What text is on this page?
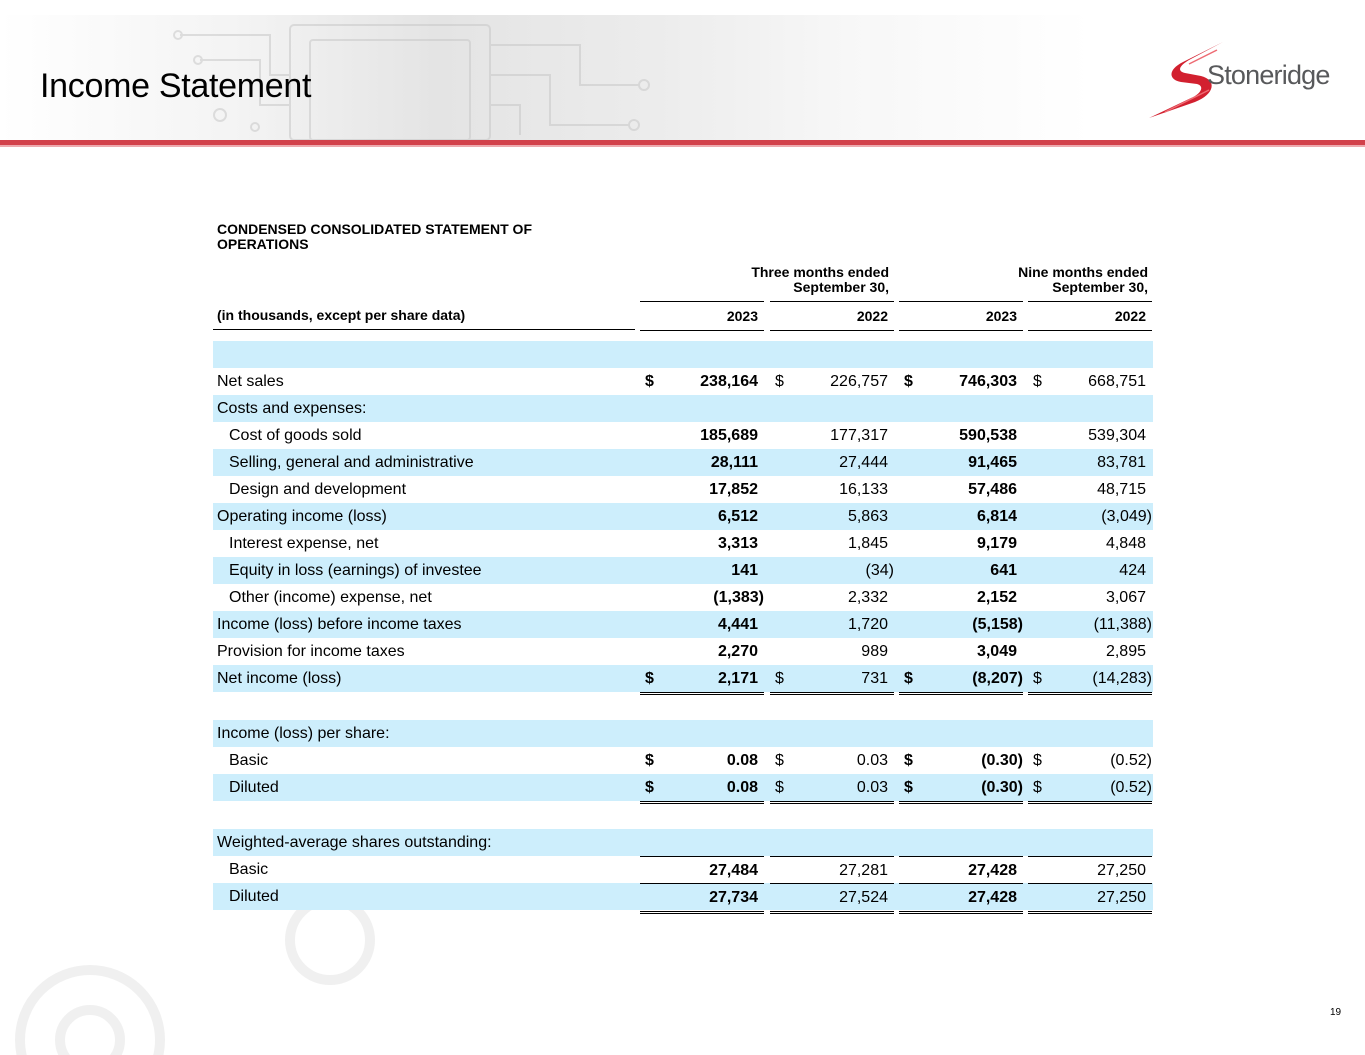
Income Statement	Stoneridge
CONDENSED CONSOLIDATED STATEMENT OF OPERATIONS
Three months ended
September 30,
Nine months ended
September 30,
(in thousands, except per share data)	2023	2022	2023	2022
Net sales	$	238,164 $	226,757 $	746,303 $	668,751
Costs and expenses:
Cost of goods sold	185,689	177,317	590,538	539,304
Selling, general and administrative	28,111	27,444	91,465	83,781
Design and development	17,852	16,133	57,486	48,715
Operating income (loss)	6,512	5,863	6,814	(3,049)
Interest expense, net	3,313	1,845	9,179	4,848
Equity in loss (earnings) of investee	141	(34)	641	424
Other (income) expense, net	(1,383)	2,332	2,152	3,067
Income (loss) before income taxes	4,441	1,720	(5,158)	(11,388)
Provision for income taxes	2,270	989	3,049	2,895
Net income (loss)	$	2,171 $	731 $	(8,207) $	(14,283)
Income (loss) per share:
Basic	$	0.08 $	0.03 $	(0.30) $	(0.52)
Diluted	$	0.08 $	0.03 $	(0.30) $	(0.52)
Weighted-average shares outstanding:
Basic	27,484	27,281	27,428	27,250
Diluted	27,734	27,524	27,428	27,250
19
